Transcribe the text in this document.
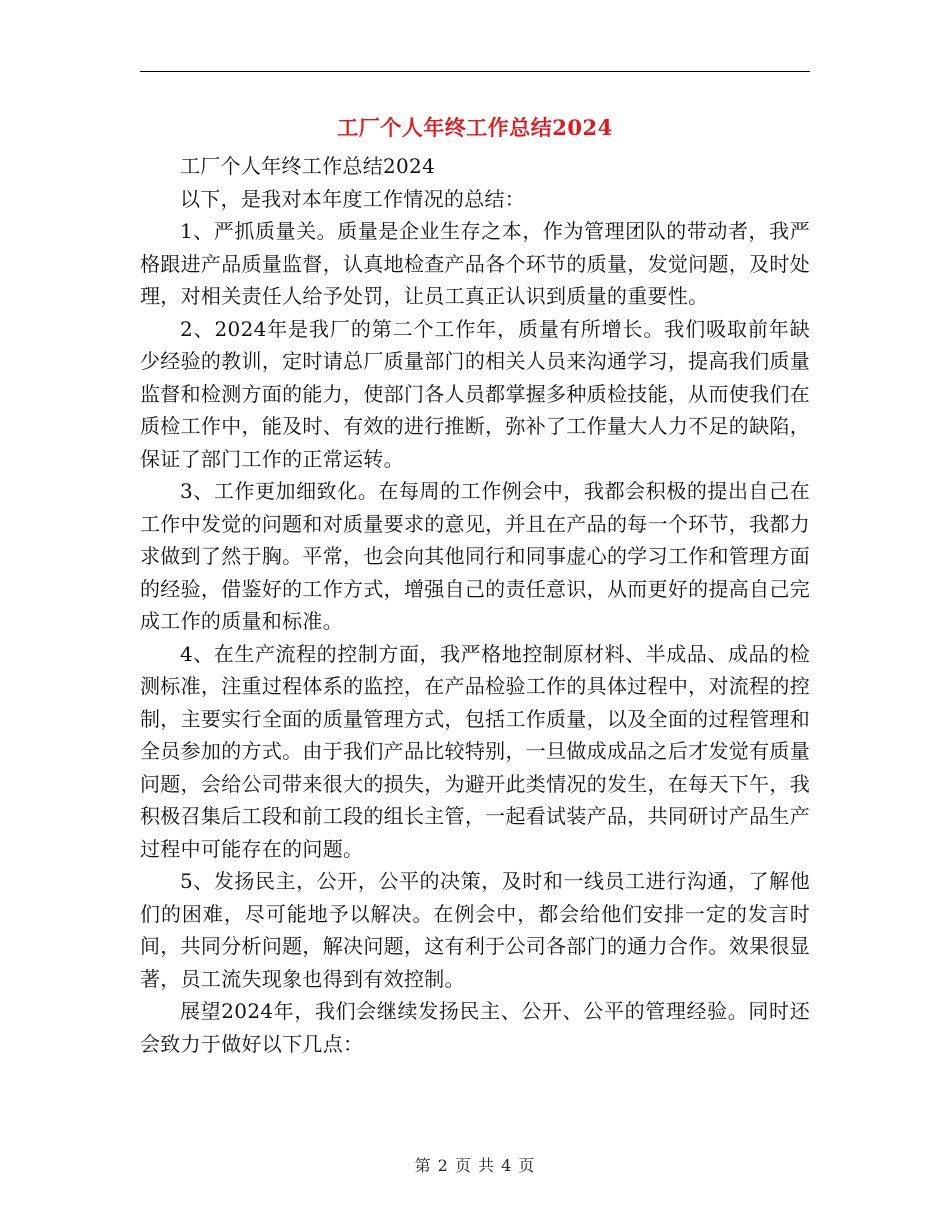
工厂个人年终工作总结2024

工厂个人年终工作总结2024

以下，是我对本年度工作情况的总结：

1、严抓质量关。质量是企业生存之本，作为管理团队的带动者，我严格跟进产品质量监督，认真地检查产品各个环节的质量，发觉问题，及时处理，对相关责任人给予处罚，让员工真正认识到质量的重要性。

2、2024年是我厂的第二个工作年，质量有所增长。我们吸取前年缺少经验的教训，定时请总厂质量部门的相关人员来沟通学习，提高我们质量监督和检测方面的能力，使部门各人员都掌握多种质检技能，从而使我们在质检工作中，能及时、有效的进行推断，弥补了工作量大人力不足的缺陷，保证了部门工作的正常运转。

3、工作更加细致化。在每周的工作例会中，我都会积极的提出自己在工作中发觉的问题和对质量要求的意见，并且在产品的每一个环节，我都力求做到了然于胸。平常，也会向其他同行和同事虚心的学习工作和管理方面的经验，借鉴好的工作方式，增强自己的责任意识，从而更好的提高自己完成工作的质量和标准。

4、在生产流程的控制方面，我严格地控制原材料、半成品、成品的检测标准，注重过程体系的监控，在产品检验工作的具体过程中，对流程的控制，主要实行全面的质量管理方式，包括工作质量，以及全面的过程管理和全员参加的方式。由于我们产品比较特别，一旦做成成品之后才发觉有质量问题，会给公司带来很大的损失，为避开此类情况的发生，在每天下午，我积极召集后工段和前工段的组长主管，一起看试装产品，共同研讨产品生产过程中可能存在的问题。

5、发扬民主，公开，公平的决策，及时和一线员工进行沟通，了解他们的困难，尽可能地予以解决。在例会中，都会给他们安排一定的发言时间，共同分析问题，解决问题，这有利于公司各部门的通力合作。效果很显著，员工流失现象也得到有效控制。

展望2024年，我们会继续发扬民主、公开、公平的管理经验。同时还会致力于做好以下几点：

第 2 页 共 4 页
